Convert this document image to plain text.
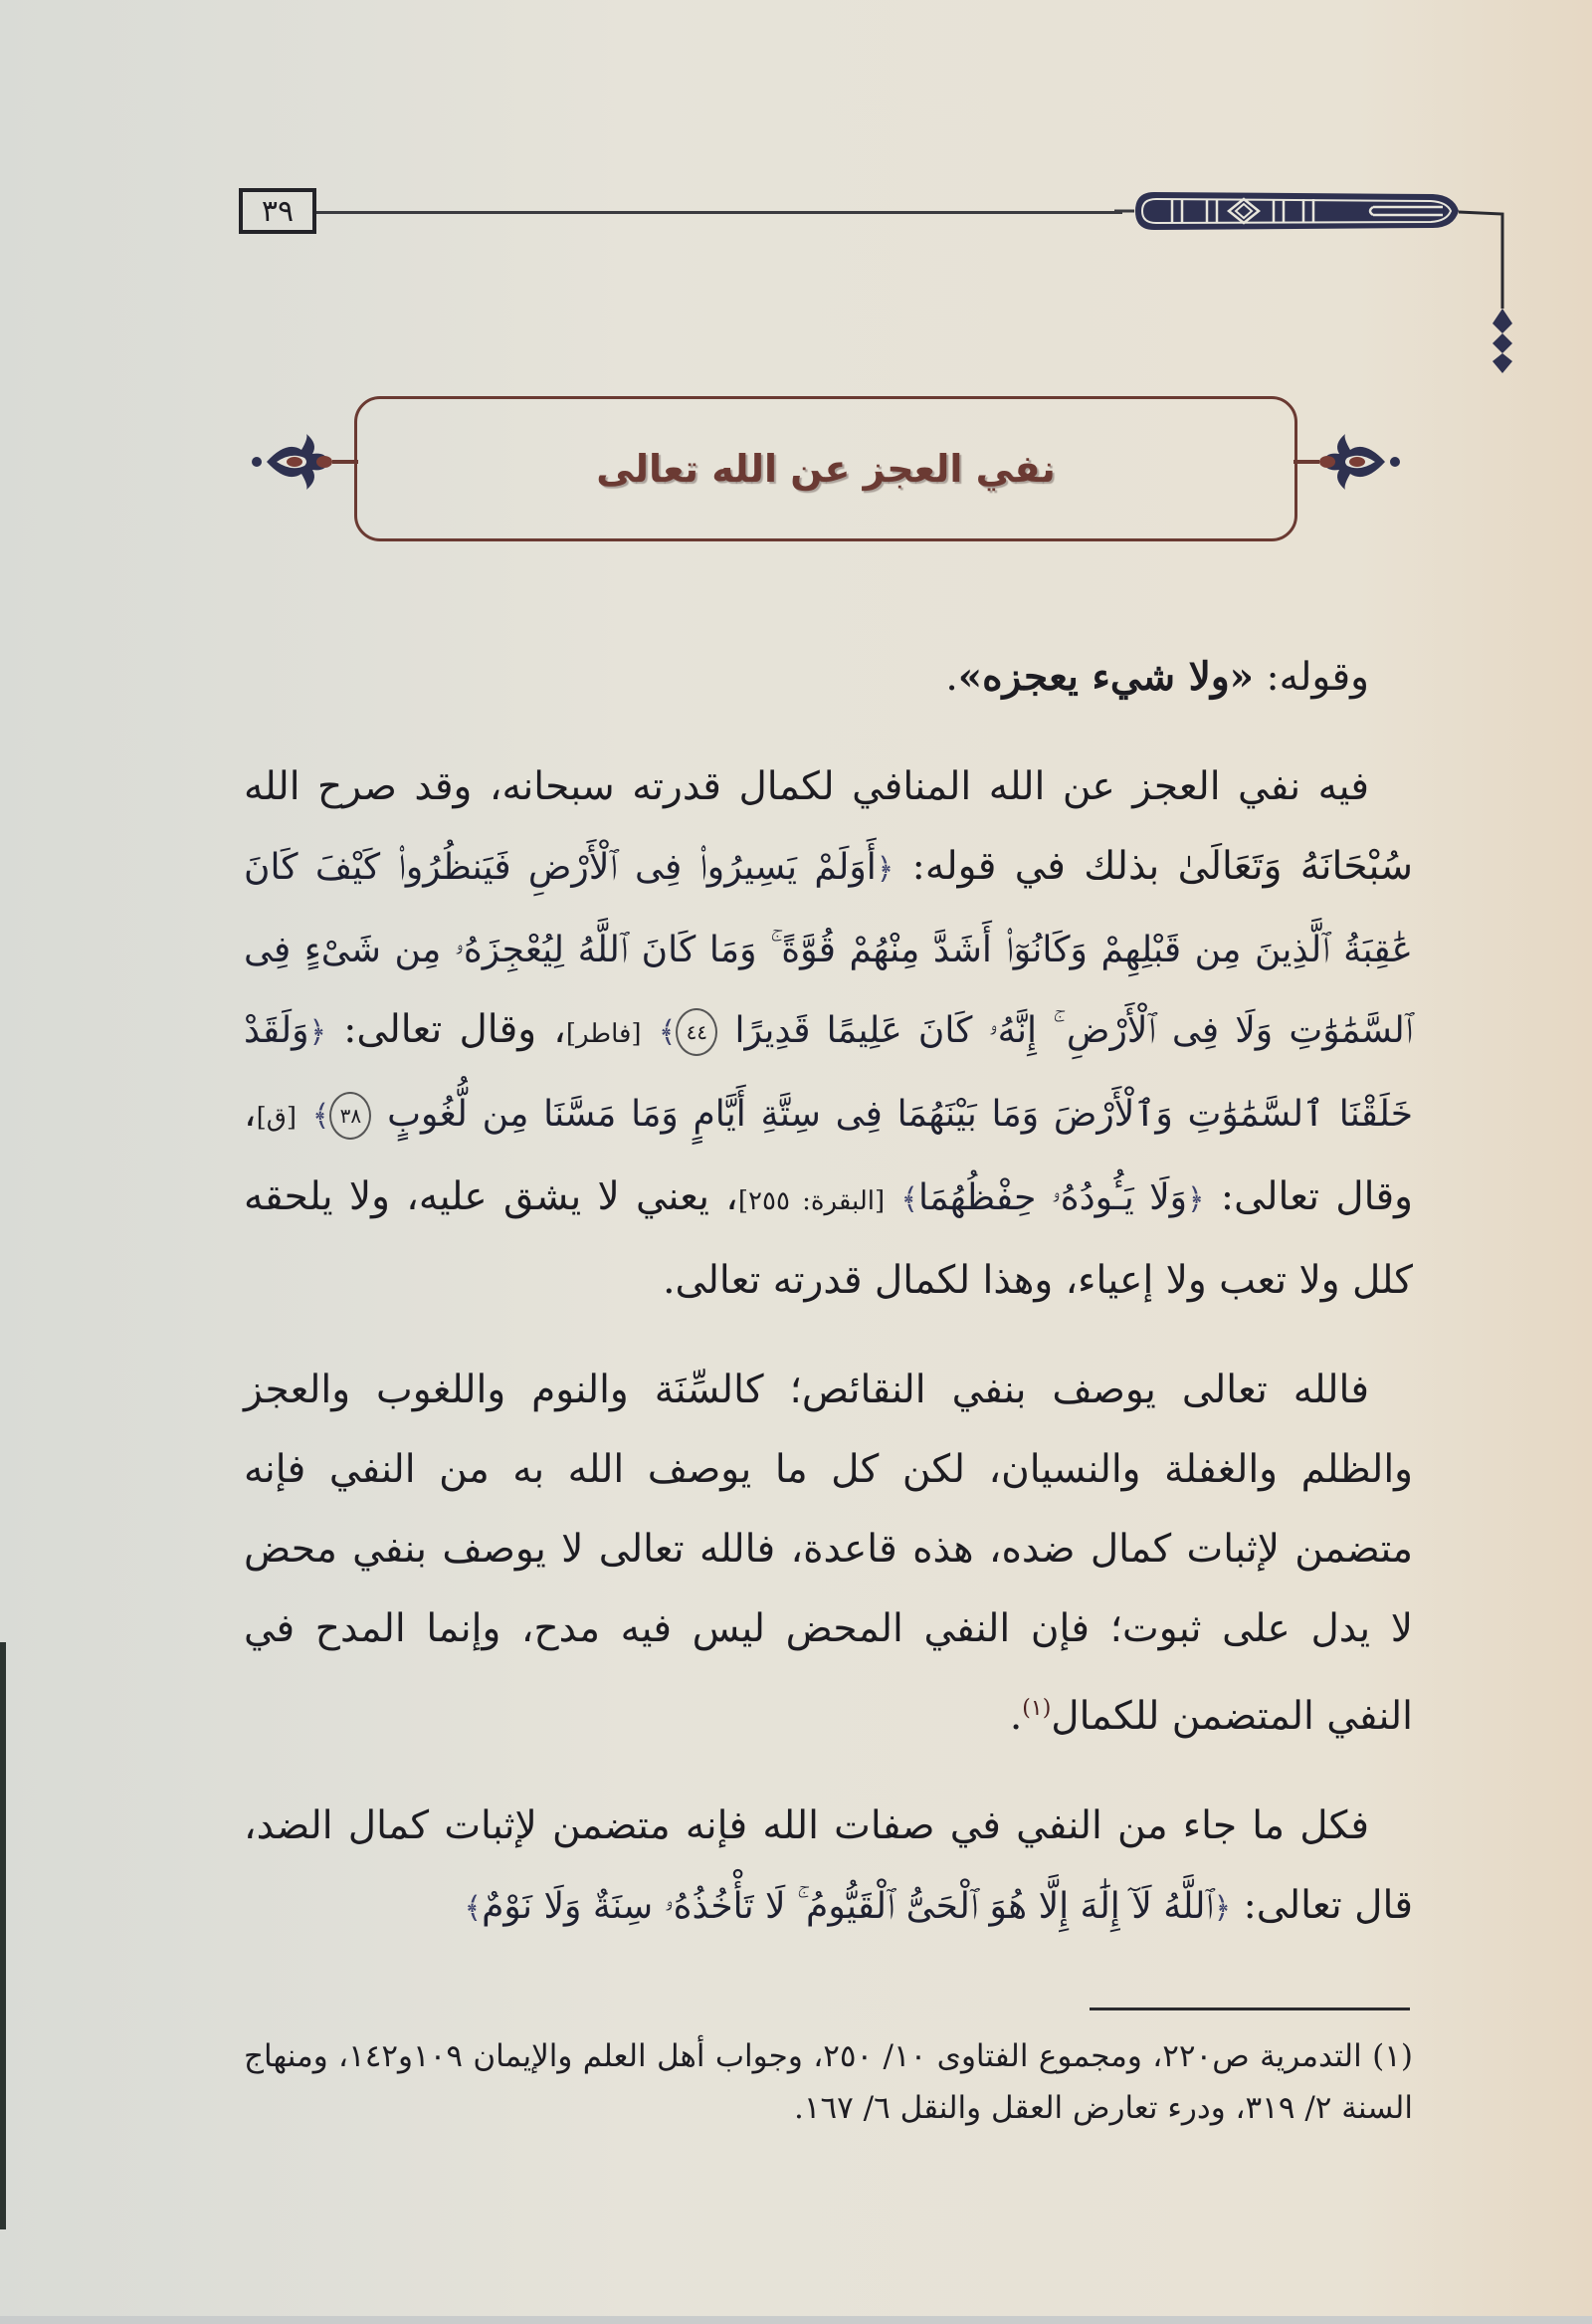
٣٩
نفي العجز عن الله تعالى

وقوله: «ولا شيء يعجزه».

فيه نفي العجز عن الله المنافي لكمال قدرته سبحانه، وقد صرح الله سُبْحَانَهُ وَتَعَالَىٰ بذلك في قوله: ﴿أَوَلَمْ يَسِيرُوا۟ فِى ٱلْأَرْضِ فَيَنظُرُوا۟ كَيْفَ كَانَ عَٰقِبَةُ ٱلَّذِينَ مِن قَبْلِهِمْ وَكَانُوٓا۟ أَشَدَّ مِنْهُمْ قُوَّةً ۚ وَمَا كَانَ ٱللَّهُ لِيُعْجِزَهُۥ مِن شَىْءٍ فِى ٱلسَّمَٰوَٰتِ وَلَا فِى ٱلْأَرْضِ ۚ إِنَّهُۥ كَانَ عَلِيمًا قَدِيرًا ٤٤﴾ [فاطر]، وقال تعالى: ﴿وَلَقَدْ خَلَقْنَا ٱلسَّمَٰوَٰتِ وَٱلْأَرْضَ وَمَا بَيْنَهُمَا فِى سِتَّةِ أَيَّامٍ وَمَا مَسَّنَا مِن لُّغُوبٍ ٣٨﴾ [ق]، وقال تعالى: ﴿وَلَا يَـُٔودُهُۥ حِفْظُهُمَا﴾ [البقرة: ٢٥٥]، يعني لا يشق عليه، ولا يلحقه كلل ولا تعب ولا إعياء، وهذا لكمال قدرته تعالى.

فالله تعالى يوصف بنفي النقائص؛ كالسِّنَة والنوم واللغوب والعجز والظلم والغفلة والنسيان، لكن كل ما يوصف الله به من النفي فإنه متضمن لإثبات كمال ضده، هذه قاعدة، فالله تعالى لا يوصف بنفي محض لا يدل على ثبوت؛ فإن النفي المحض ليس فيه مدح، وإنما المدح في النفي المتضمن للكمال$^{(١)}$.

فكل ما جاء من النفي في صفات الله فإنه متضمن لإثبات كمال الضد، قال تعالى: ﴿ٱللَّهُ لَآ إِلَٰهَ إِلَّا هُوَ ٱلْحَىُّ ٱلْقَيُّومُ ۚ لَا تَأْخُذُهُۥ سِنَةٌ وَلَا نَوْمٌ﴾

(١) التدمرية ص٢٢٠، ومجموع الفتاوى ١٠/ ٢٥٠، وجواب أهل العلم والإيمان ١٠٩و١٤٢، ومنهاج السنة ٢/ ٣١٩، ودرء تعارض العقل والنقل ٦/ ١٦٧.
